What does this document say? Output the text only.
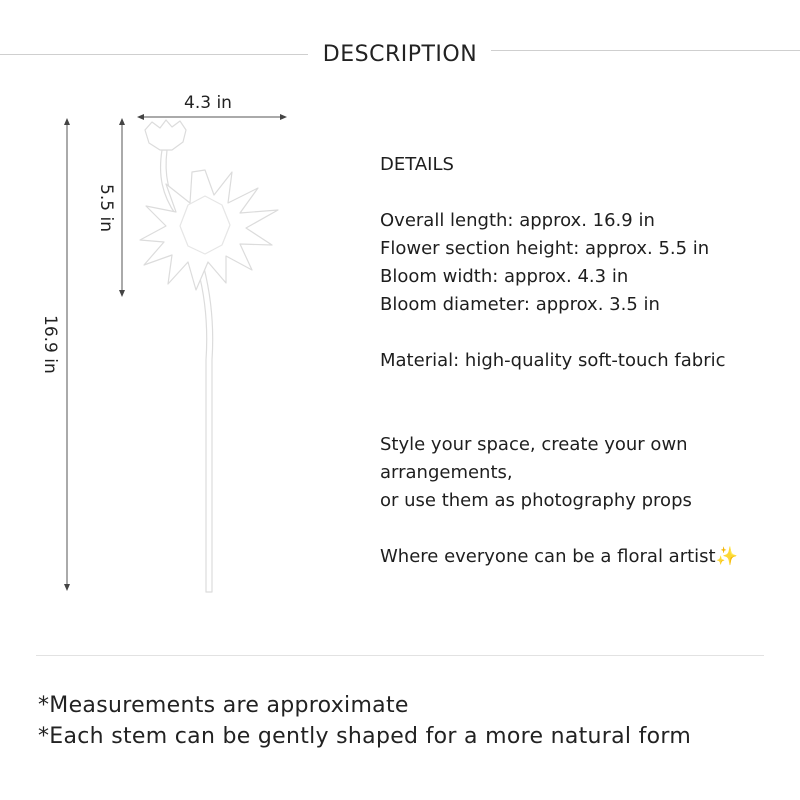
DESCRIPTION
4.3 in
5.5 in
16.9 in
DETAILS
Overall length: approx. 16.9 in
Flower section height: approx. 5.5 in
Bloom width: approx. 4.3 in
Bloom diameter: approx. 3.5 in
Material: high-quality soft-touch fabric
Style your space, create your own
arrangements,
or use them as photography props
Where everyone can be a floral artist✨
*Measurements are approximate
*Each stem can be gently shaped for a more natural form
